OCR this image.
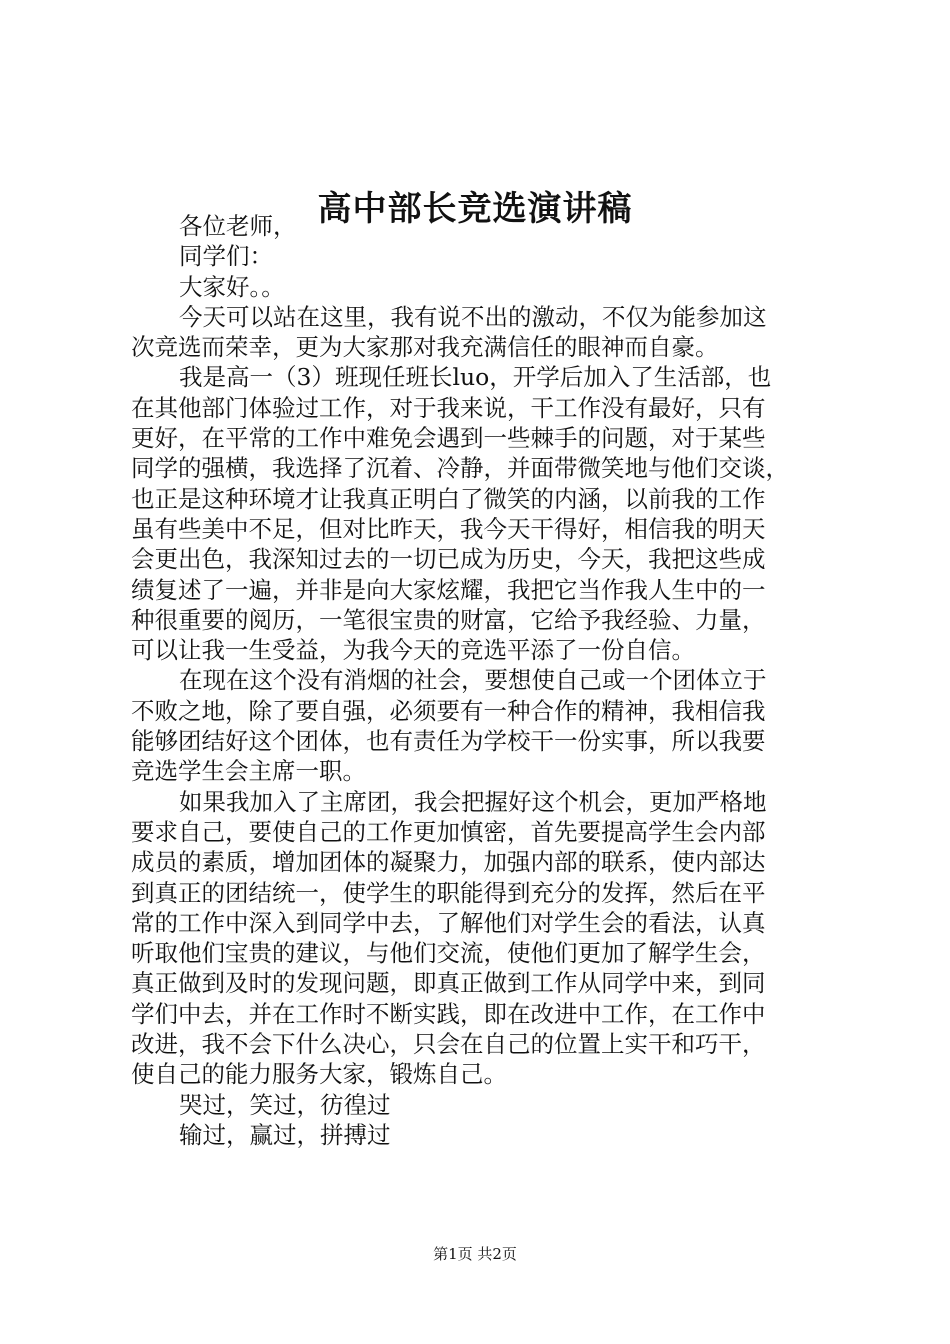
高中部长竞选演讲稿
各位老师，
同学们：
大家好。。
今天可以站在这里，我有说不出的激动，不仅为能参加这
次竞选而荣幸，更为大家那对我充满信任的眼神而自豪。
我是高一（3）班现任班长luo，开学后加入了生活部，也
在其他部门体验过工作，对于我来说，干工作没有最好，只有
更好，在平常的工作中难免会遇到一些棘手的问题，对于某些
同学的强横，我选择了沉着、冷静，并面带微笑地与他们交谈，
也正是这种环境才让我真正明白了微笑的内涵，以前我的工作
虽有些美中不足，但对比昨天，我今天干得好，相信我的明天
会更出色，我深知过去的一切已成为历史，今天，我把这些成
绩复述了一遍，并非是向大家炫耀，我把它当作我人生中的一
种很重要的阅历，一笔很宝贵的财富，它给予我经验、力量，
可以让我一生受益，为我今天的竞选平添了一份自信。
在现在这个没有消烟的社会，要想使自己或一个团体立于
不败之地，除了要自强，必须要有一种合作的精神，我相信我
能够团结好这个团体，也有责任为学校干一份实事，所以我要
竞选学生会主席一职。
如果我加入了主席团，我会把握好这个机会，更加严格地
要求自己，要使自己的工作更加慎密，首先要提高学生会内部
成员的素质，增加团体的凝聚力，加强内部的联系，使内部达
到真正的团结统一，使学生的职能得到充分的发挥，然后在平
常的工作中深入到同学中去，了解他们对学生会的看法，认真
听取他们宝贵的建议，与他们交流，使他们更加了解学生会，
真正做到及时的发现问题，即真正做到工作从同学中来，到同
学们中去，并在工作时不断实践，即在改进中工作，在工作中
改进，我不会下什么决心，只会在自己的位置上实干和巧干，
使自己的能力服务大家，锻炼自己。
哭过，笑过，彷徨过
输过，赢过，拼搏过
第1页 共2页
